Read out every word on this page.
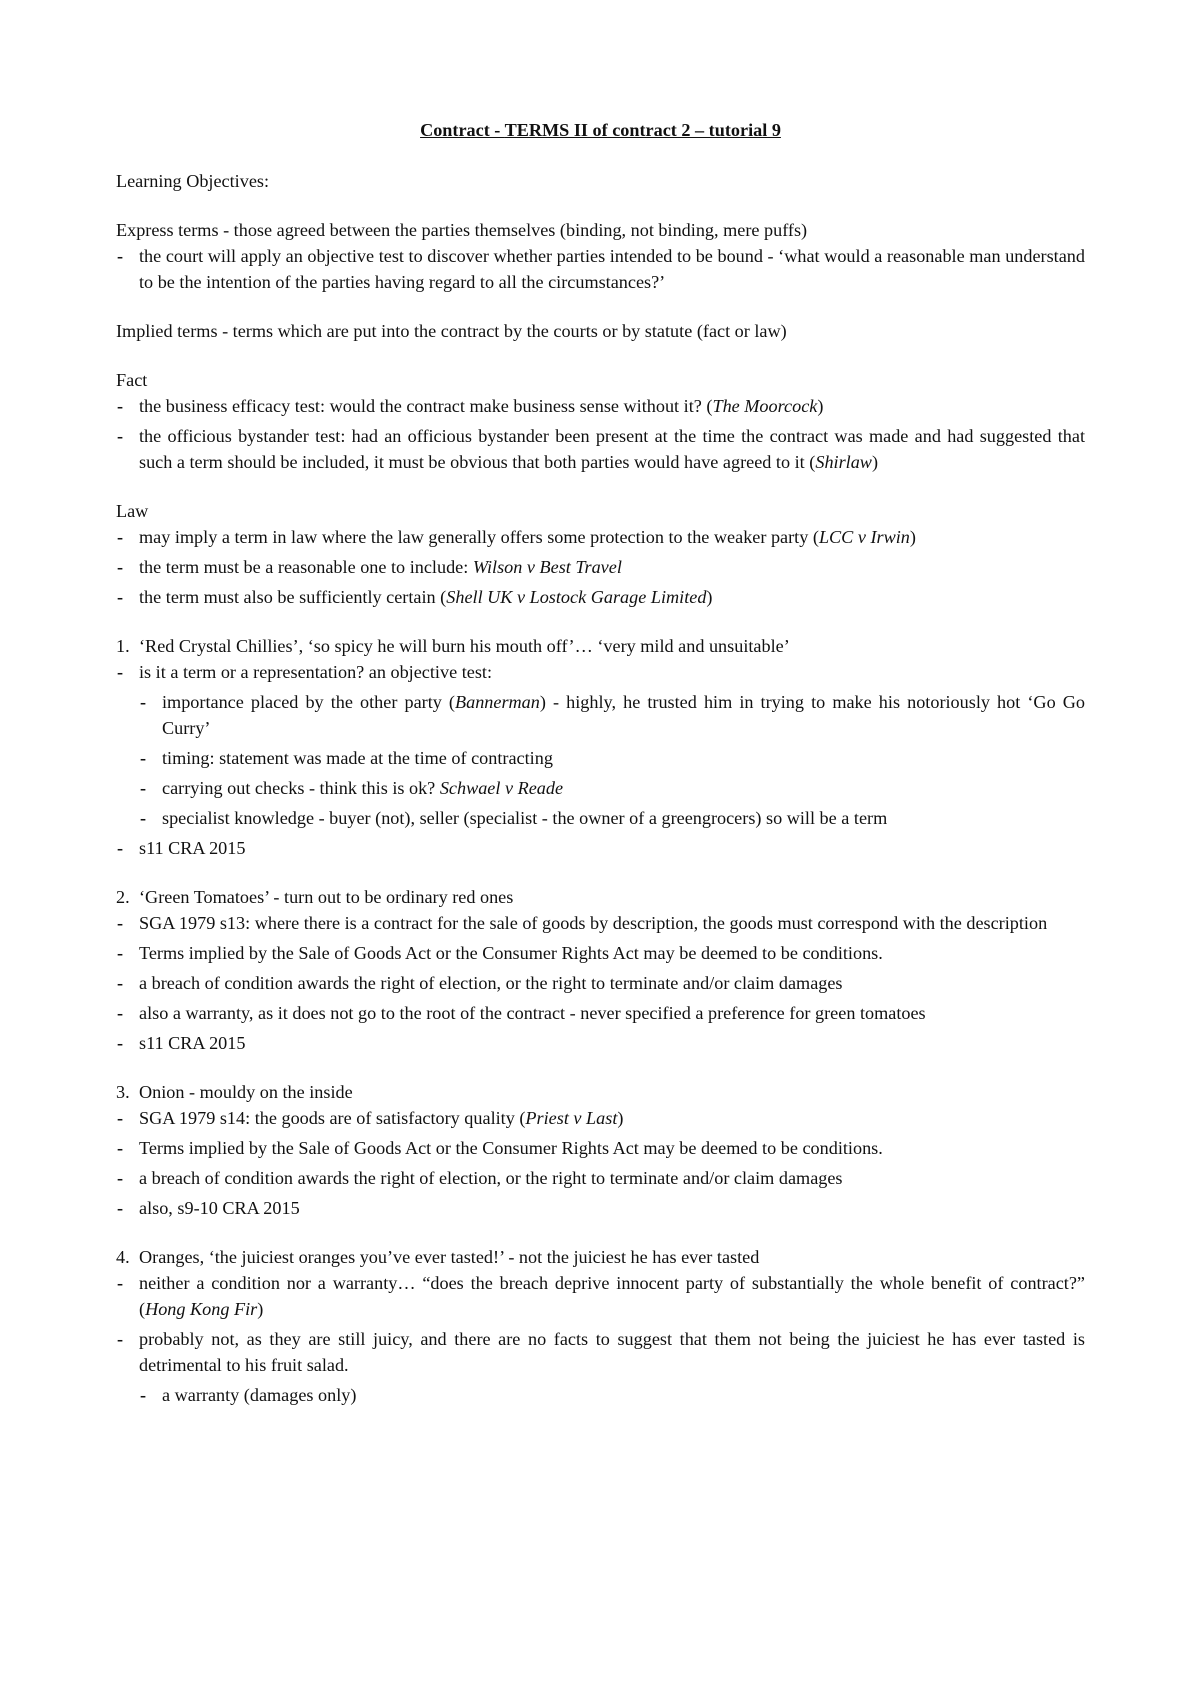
Contract - TERMS II of contract 2 – tutorial 9

Learning Objectives:

Express terms - those agreed between the parties themselves (binding, not binding, mere puffs)

- the court will apply an objective test to discover whether parties intended to be bound - ‘what would a reasonable man understand to be the intention of the parties having regard to all the circumstances?’

Implied terms - terms which are put into the contract by the courts or by statute (fact or law)

Fact

- the business efficacy test: would the contract make business sense without it? (The Moorcock)
- the officious bystander test: had an officious bystander been present at the time the contract was made and had suggested that such a term should be included, it must be obvious that both parties would have agreed to it (Shirlaw)

Law

- may imply a term in law where the law generally offers some protection to the weaker party (LCC v Irwin)
- the term must be a reasonable one to include: Wilson v Best Travel
- the term must also be sufficiently certain (Shell UK v Lostock Garage Limited)

1. ‘Red Crystal Chillies’, ‘so spicy he will burn his mouth off’… ‘very mild and unsuitable’

- is it a term or a representation? an objective test:
- importance placed by the other party (Bannerman) - highly, he trusted him in trying to make his notoriously hot ‘Go Go Curry’
- timing: statement was made at the time of contracting
- carrying out checks - think this is ok? Schwael v Reade
- specialist knowledge - buyer (not), seller (specialist - the owner of a greengrocers) so will be a term
- s11 CRA 2015

2. ‘Green Tomatoes’ - turn out to be ordinary red ones

- SGA 1979 s13: where there is a contract for the sale of goods by description, the goods must correspond with the description
- Terms implied by the Sale of Goods Act or the Consumer Rights Act may be deemed to be conditions.
- a breach of condition awards the right of election, or the right to terminate and/or claim damages
- also a warranty, as it does not go to the root of the contract - never specified a preference for green tomatoes
- s11 CRA 2015

3. Onion - mouldy on the inside

- SGA 1979 s14: the goods are of satisfactory quality (Priest v Last)
- Terms implied by the Sale of Goods Act or the Consumer Rights Act may be deemed to be conditions.
- a breach of condition awards the right of election, or the right to terminate and/or claim damages
- also, s9-10 CRA 2015

4. Oranges, ‘the juiciest oranges you’ve ever tasted!’ - not the juiciest he has ever tasted

- neither a condition nor a warranty… “does the breach deprive innocent party of substantially the whole benefit of contract?” (Hong Kong Fir)
- probably not, as they are still juicy, and there are no facts to suggest that them not being the juiciest he has ever tasted is detrimental to his fruit salad.
- a warranty (damages only)
